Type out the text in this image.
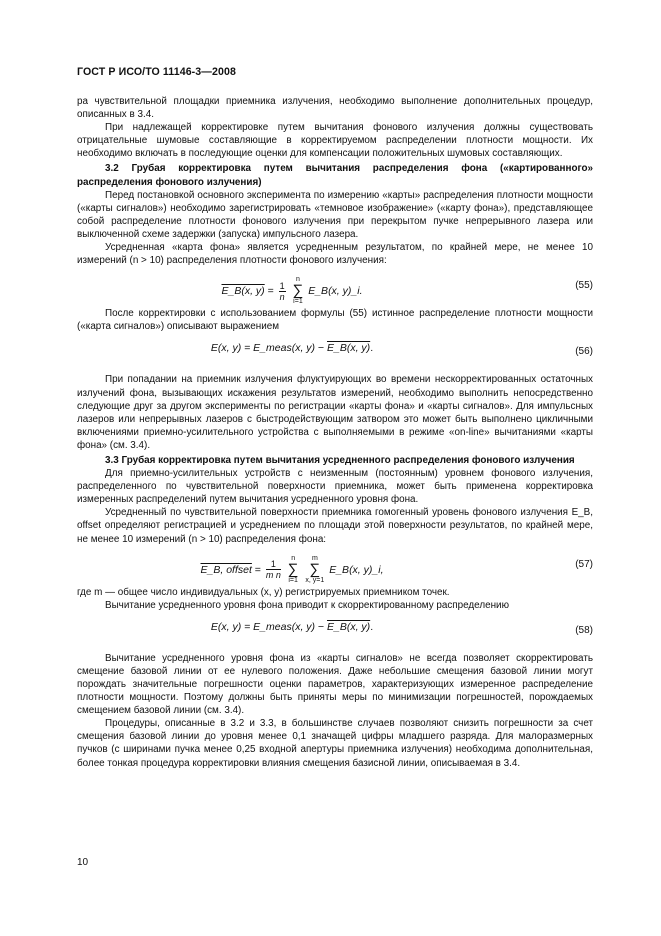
ГОСТ Р ИСО/ТО 11146-3—2008

ра чувствительной площадки приемника излучения, необходимо выполнение дополнительных процедур, описанных в 3.4.

При надлежащей корректировке путем вычитания фонового излучения должны существовать отрицательные шумовые составляющие в корректируемом распределении плотности мощности. Их необходимо включать в последующие оценки для компенсации положительных шумовых составляющих.

3.2 Грубая корректировка путем вычитания распределения фона («картированного» распределения фонового излучения)

Перед постановкой основного эксперимента по измерению «карты» распределения плотности мощности («карты сигналов») необходимо зарегистрировать «темновое изображение» («карту фона»), представляющее собой распределение плотности фонового излучения при перекрытом пучке непрерывного лазера или выключенной схеме задержки (запуска) импульсного лазера.

Усредненная «карта фона» является усредненным результатом, по крайней мере, не менее 10 измерений (n > 10) распределения плотности фонового излучения:

E_B(x, $y) = \frac{1}{n}$
n
∑
i=1 E_B(x, y)_i.	(55)

После корректировки с использованием формулы (55) истинное распределение плотности мощности («карта сигналов») описывают выражением

E(x, y) = E_meas(x, y) − E_B(x, y).	(56)

При попадании на приемник излучения флуктуирующих во времени нескорректированных остаточных излучений фона, вызывающих искажения результатов измерений, необходимо выполнить непосредственно следующие друг за другом эксперименты по регистрации «карты фона» и «карты сигналов». Для импульсных лазеров или непрерывных лазеров с быстродействующим затвором это может быть выполнено цикличными включениями приемно-усилительного устройства с выполняемыми в режиме «on-line» вычитаниями «карты фона» (см. 3.4).

3.3 Грубая корректировка путем вычитания усредненного распределения фонового излучения

Для приемно-усилительных устройств с неизменным (постоянным) уровнем фонового излучения, распределенного по чувствительной поверхности приемника, может быть применена корректировка измеренных распределений путем вычитания усредненного уровня фона.

Усредненный по чувствительной поверхности приемника гомогенный уровень фонового излучения E_B, offset определяют регистрацией и усреднением по площади этой поверхности результатов, по крайней мере, не менее 10 измерений (n > 10) распределения фона:

E_B, offset = $\frac{1}{\text{m n}}$
n
∑
i=1 m
∑
x, y=1 E_B(x, y)_i,	(57)

где m — общее число индивидуальных (x, y) регистрируемых приемником точек.

Вычитание усредненного уровня фона приводит к скорректированному распределению

E(x, y) = E_meas(x, y) − E_B(x, y).	(58)

Вычитание усредненного уровня фона из «карты сигналов» не всегда позволяет скорректировать смещение базовой линии от ее нулевого положения. Даже небольшие смещения базовой линии могут порождать значительные погрешности оценки параметров, характеризующих измеренное распределение плотности мощности. Поэтому должны быть приняты меры по минимизации погрешностей, порождаемых смещением базовой линии (см. 3.4).

Процедуры, описанные в 3.2 и 3.3, в большинстве случаев позволяют снизить погрешности за счет смещения базовой линии до уровня менее 0,1 значащей цифры младшего разряда. Для малоразмерных пучков (с ширинами пучка менее 0,25 входной апертуры приемника излучения) необходима дополнительная, более тонкая процедура корректировки влияния смещения базисной линии, описываемая в 3.4.

10
